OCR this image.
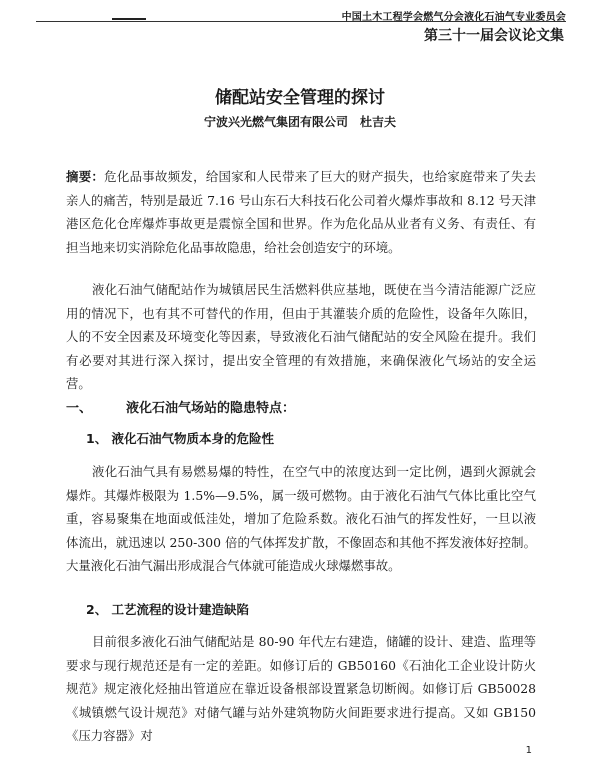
中国土木工程学会燃气分会液化石油气专业委员会
第三十一届会议论文集
储配站安全管理的探讨
宁波兴光燃气集团有限公司　杜吉夫

摘要：危化品事故频发，给国家和人民带来了巨大的财产损失，也给家庭带来了失去亲人的痛苦，特别是最近 7.16 号山东石大科技石化公司着火爆炸事故和 8.12 号天津港区危化仓库爆炸事故更是震惊全国和世界。作为危化品从业者有义务、有责任、有担当地来切实消除危化品事故隐患，给社会创造安宁的环境。

液化石油气储配站作为城镇居民生活燃料供应基地，既使在当今清洁能源广泛应用的情况下，也有其不可替代的作用，但由于其灌装介质的危险性，设备年久陈旧，人的不安全因素及环境变化等因素，导致液化石油气储配站的安全风险在提升。我们有必要对其进行深入探讨，提出安全管理的有效措施，来确保液化气场站的安全运营。

一、	液化石油气场站的隐患特点：
1、 液化石油气物质本身的危险性

液化石油气具有易燃易爆的特性，在空气中的浓度达到一定比例，遇到火源就会爆炸。其爆炸极限为 1.5%—9.5%，属一级可燃物。由于液化石油气气体比重比空气重，容易聚集在地面或低洼处，增加了危险系数。液化石油气的挥发性好，一旦以液体流出，就迅速以 250-300 倍的气体挥发扩散，不像固态和其他不挥发液体好控制。大量液化石油气漏出形成混合气体就可能造成火球爆燃事故。

2、 工艺流程的设计建造缺陷

目前很多液化石油气储配站是 80-90 年代左右建造，储罐的设计、建造、监理等要求与现行规范还是有一定的差距。如修订后的 GB50160《石油化工企业设计防火规范》规定液化烃抽出管道应在靠近设备根部设置紧急切断阀。如修订后 GB50028《城镇燃气设计规范》对储气罐与站外建筑物防火间距要求进行提高。又如 GB150《压力容器》对

1
